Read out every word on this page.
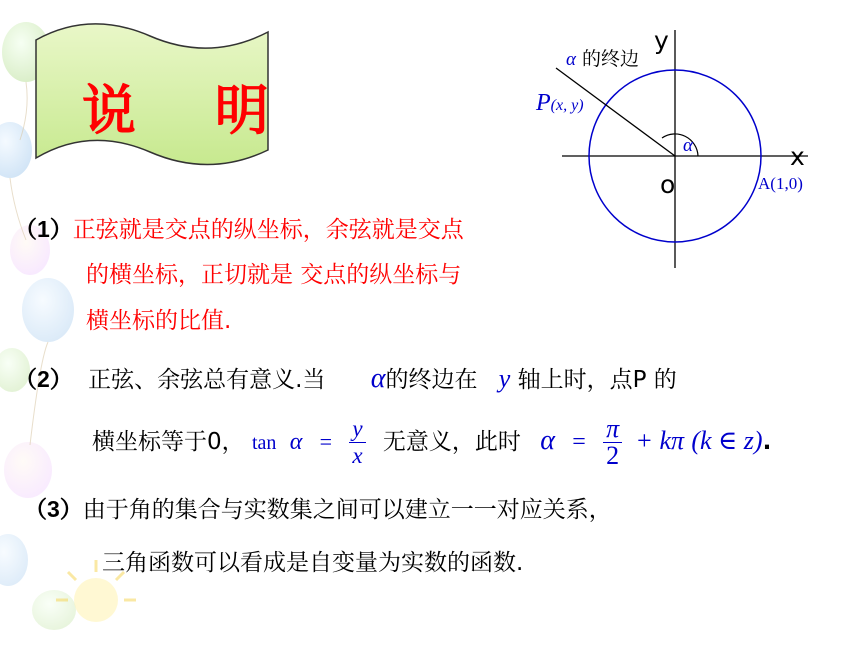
说 明
α 的终边
P(x, y)
α
y
x
o	A(1,0)
（1）正弦就是交点的纵坐标，余弦就是交点
的横坐标，正切就是 交点的纵坐标与
横坐标的比值.
（2） 正弦、余弦总有意义.当 α的终边在 y 轴上时，点P 的
横坐标等于0， $\tan \alpha = \frac{y}{x}$ 无意义，此时 $\alpha = \frac{\pi}{2} + k\pi$ (k ∈ z).
（3）由于角的集合与实数集之间可以建立一一对应关系，
三角函数可以看成是自变量为实数的函数.
